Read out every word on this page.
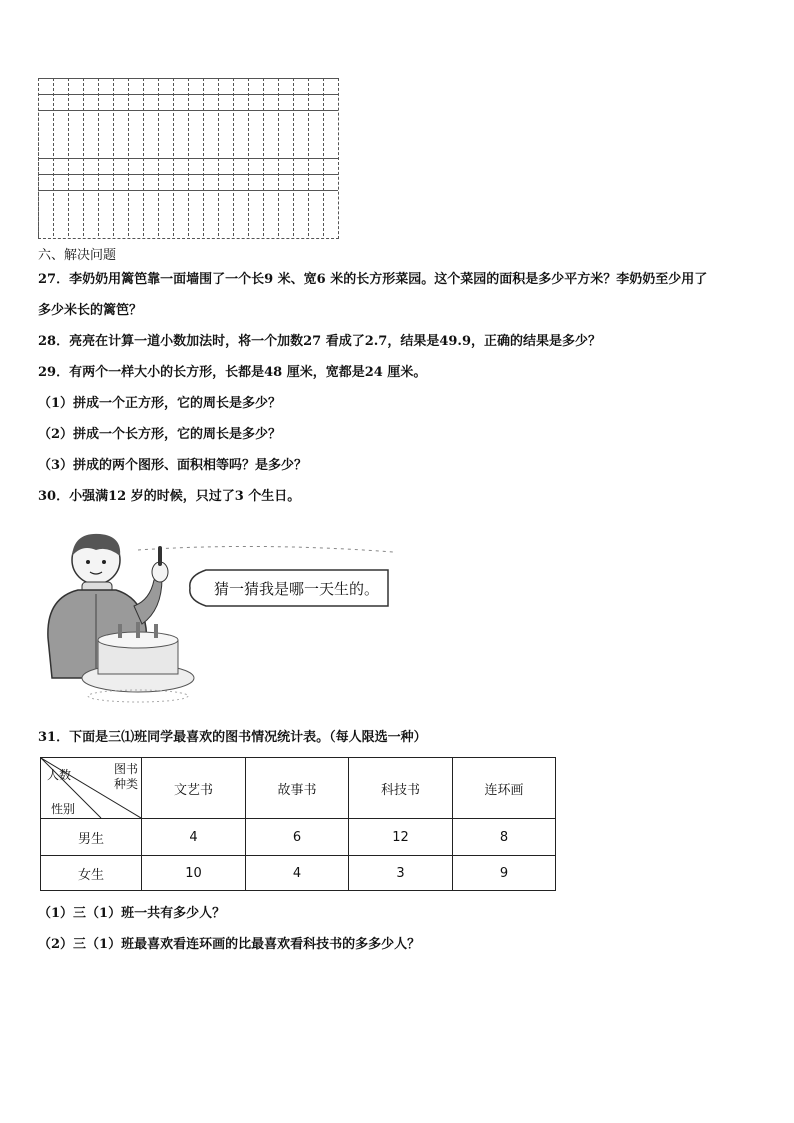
六、解决问题
27．李奶奶用篱笆靠一面墙围了一个长9 米、宽6 米的长方形菜园。这个菜园的面积是多少平方米？李奶奶至少用了
多少米长的篱笆？
28．亮亮在计算一道小数加法时，将一个加数27 看成了2.7，结果是49.9，正确的结果是多少？
29．有两个一样大小的长方形，长都是48 厘米，宽都是24 厘米。
（1）拼成一个正方形，它的周长是多少？
（2）拼成一个长方形，它的周长是多少？
（3）拼成的两个图形、面积相等吗？是多少？
30．小强满12 岁的时候，只过了3 个生日。
猜一猜我是哪一天生的。
31．下面是三⑴班同学最喜欢的图书情况统计表。（每人限选一种）
图书
种类
人数
性别	文艺书	故事书	科技书	连环画
男生	4	6	12	8
女生	10	4	3	9
（1）三（1）班一共有多少人？
（2）三（1）班最喜欢看连环画的比最喜欢看科技书的多多少人？
